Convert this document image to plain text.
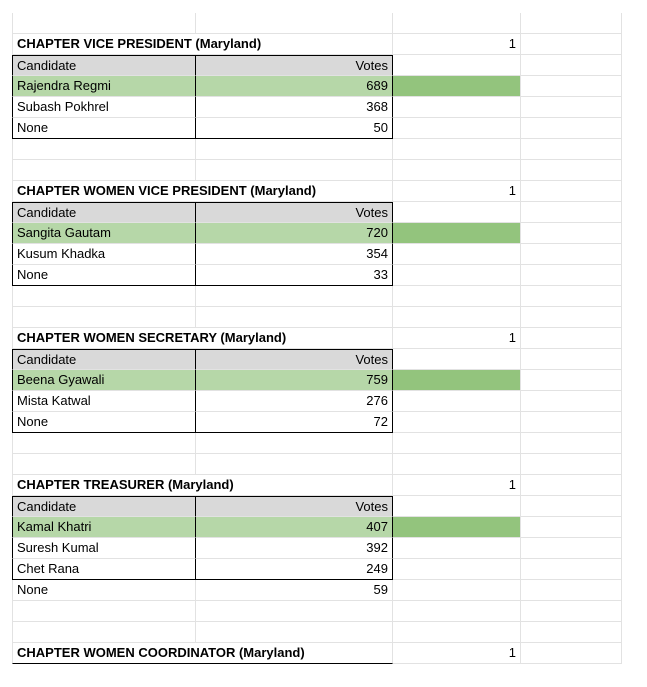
CHAPTER VICE PRESIDENT (Maryland)	1
Candidate	Votes
Rajendra Regmi	689
Subash Pokhrel	368
None	50
CHAPTER WOMEN VICE PRESIDENT (Maryland)	1
Candidate	Votes
Sangita Gautam	720
Kusum Khadka	354
None	33
CHAPTER WOMEN SECRETARY (Maryland)	1
Candidate	Votes
Beena Gyawali	759
Mista Katwal	276
None	72
CHAPTER TREASURER (Maryland)	1
Candidate	Votes
Kamal Khatri	407
Suresh Kumal	392
Chet Rana	249
None	59
CHAPTER WOMEN COORDINATOR (Maryland)	1
